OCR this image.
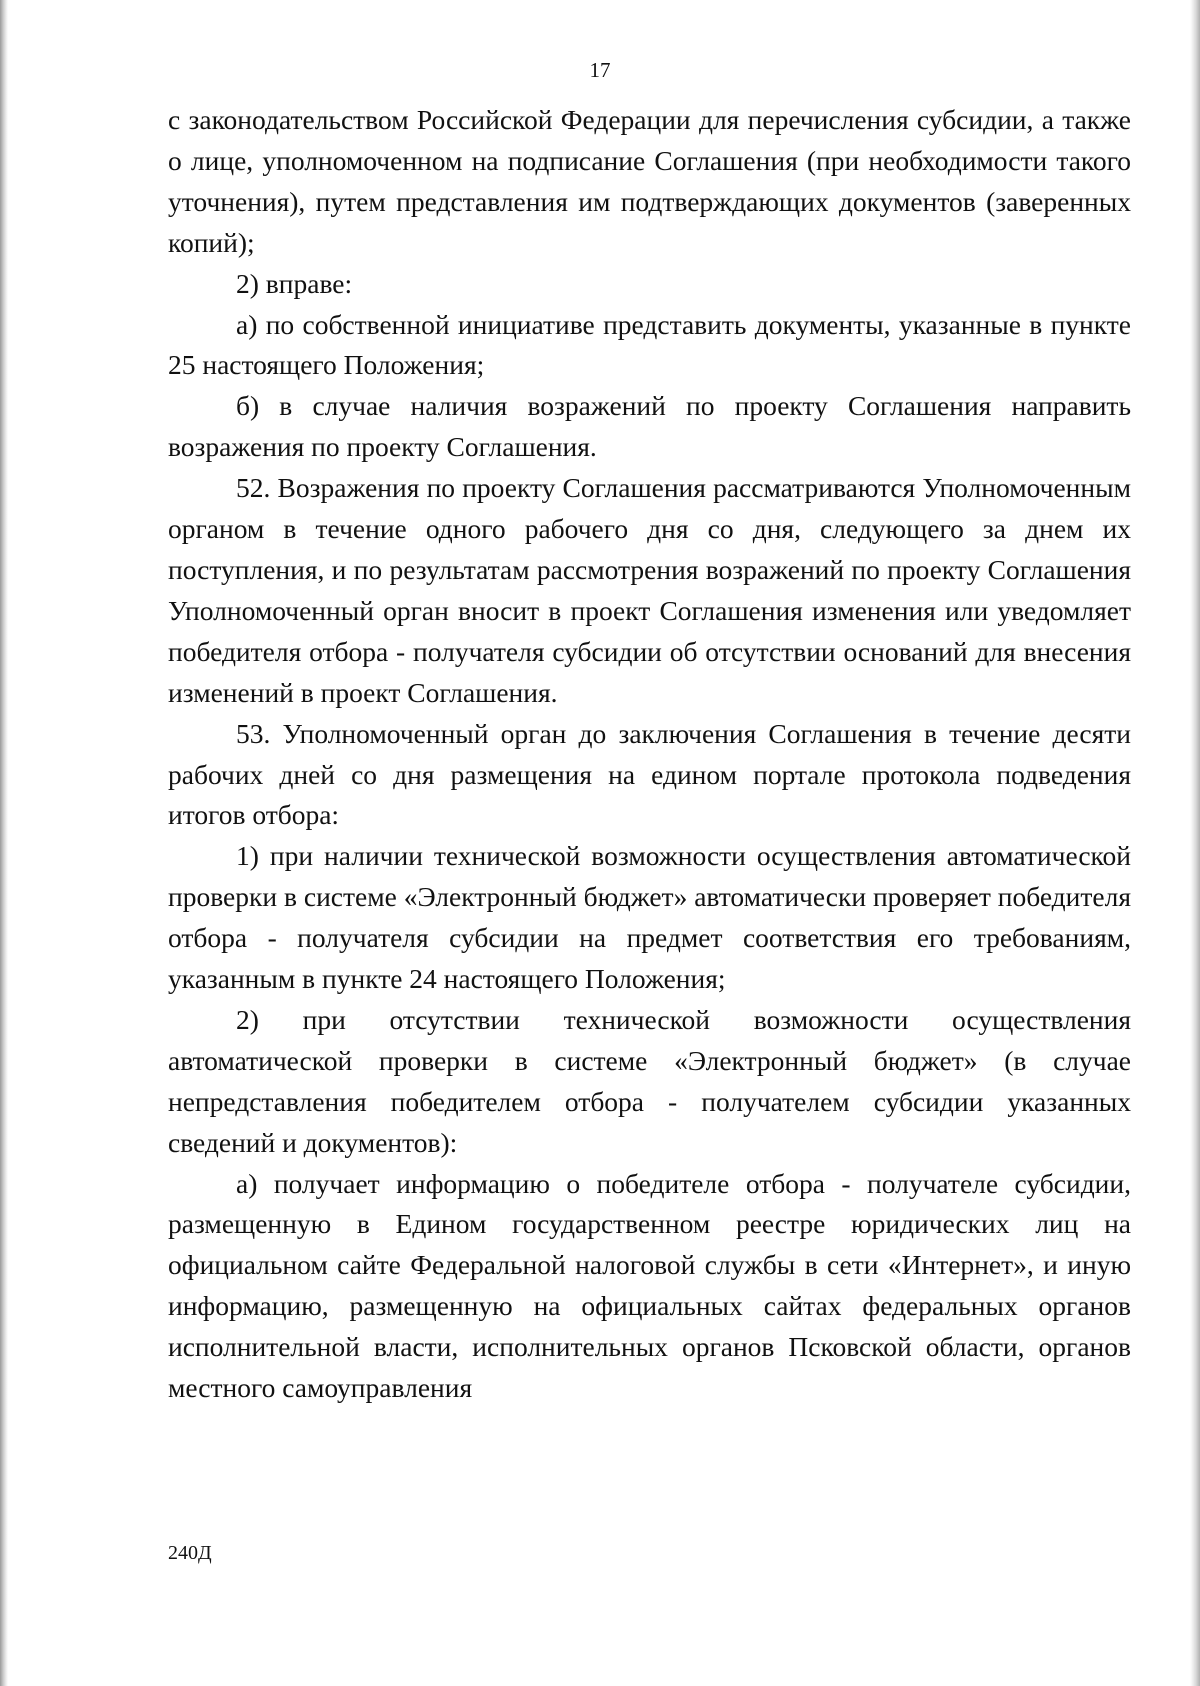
17

с законодательством Российской Федерации для перечисления субсидии, а также о лице, уполномоченном на подписание Соглашения (при необходимости такого уточнения), путем представления им подтверждающих документов (заверенных копий);

2) вправе:

а) по собственной инициативе представить документы, указанные в пункте 25 настоящего Положения;

б) в случае наличия возражений по проекту Соглашения направить возражения по проекту Соглашения.

52. Возражения по проекту Соглашения рассматриваются Уполномоченным органом в течение одного рабочего дня со дня, следующего за днем их поступления, и по результатам рассмотрения возражений по проекту Соглашения Уполномоченный орган вносит в проект Соглашения изменения или уведомляет победителя отбора - получателя субсидии об отсутствии оснований для внесения изменений в проект Соглашения.

53. Уполномоченный орган до заключения Соглашения в течение десяти рабочих дней со дня размещения на едином портале протокола подведения итогов отбора:

1) при наличии технической возможности осуществления автоматической проверки в системе «Электронный бюджет» автоматически проверяет победителя отбора - получателя субсидии на предмет соответствия его требованиям, указанным в пункте 24 настоящего Положения;

2) при отсутствии технической возможности осуществления автоматической проверки в системе «Электронный бюджет» (в случае непредставления победителем отбора - получателем субсидии указанных сведений и документов):

а) получает информацию о победителе отбора - получателе субсидии, размещенную в Едином государственном реестре юридических лиц на официальном сайте Федеральной налоговой службы в сети «Интернет», и иную информацию, размещенную на официальных сайтах федеральных органов исполнительной власти, исполнительных органов Псковской области, органов местного самоуправления

240Д
